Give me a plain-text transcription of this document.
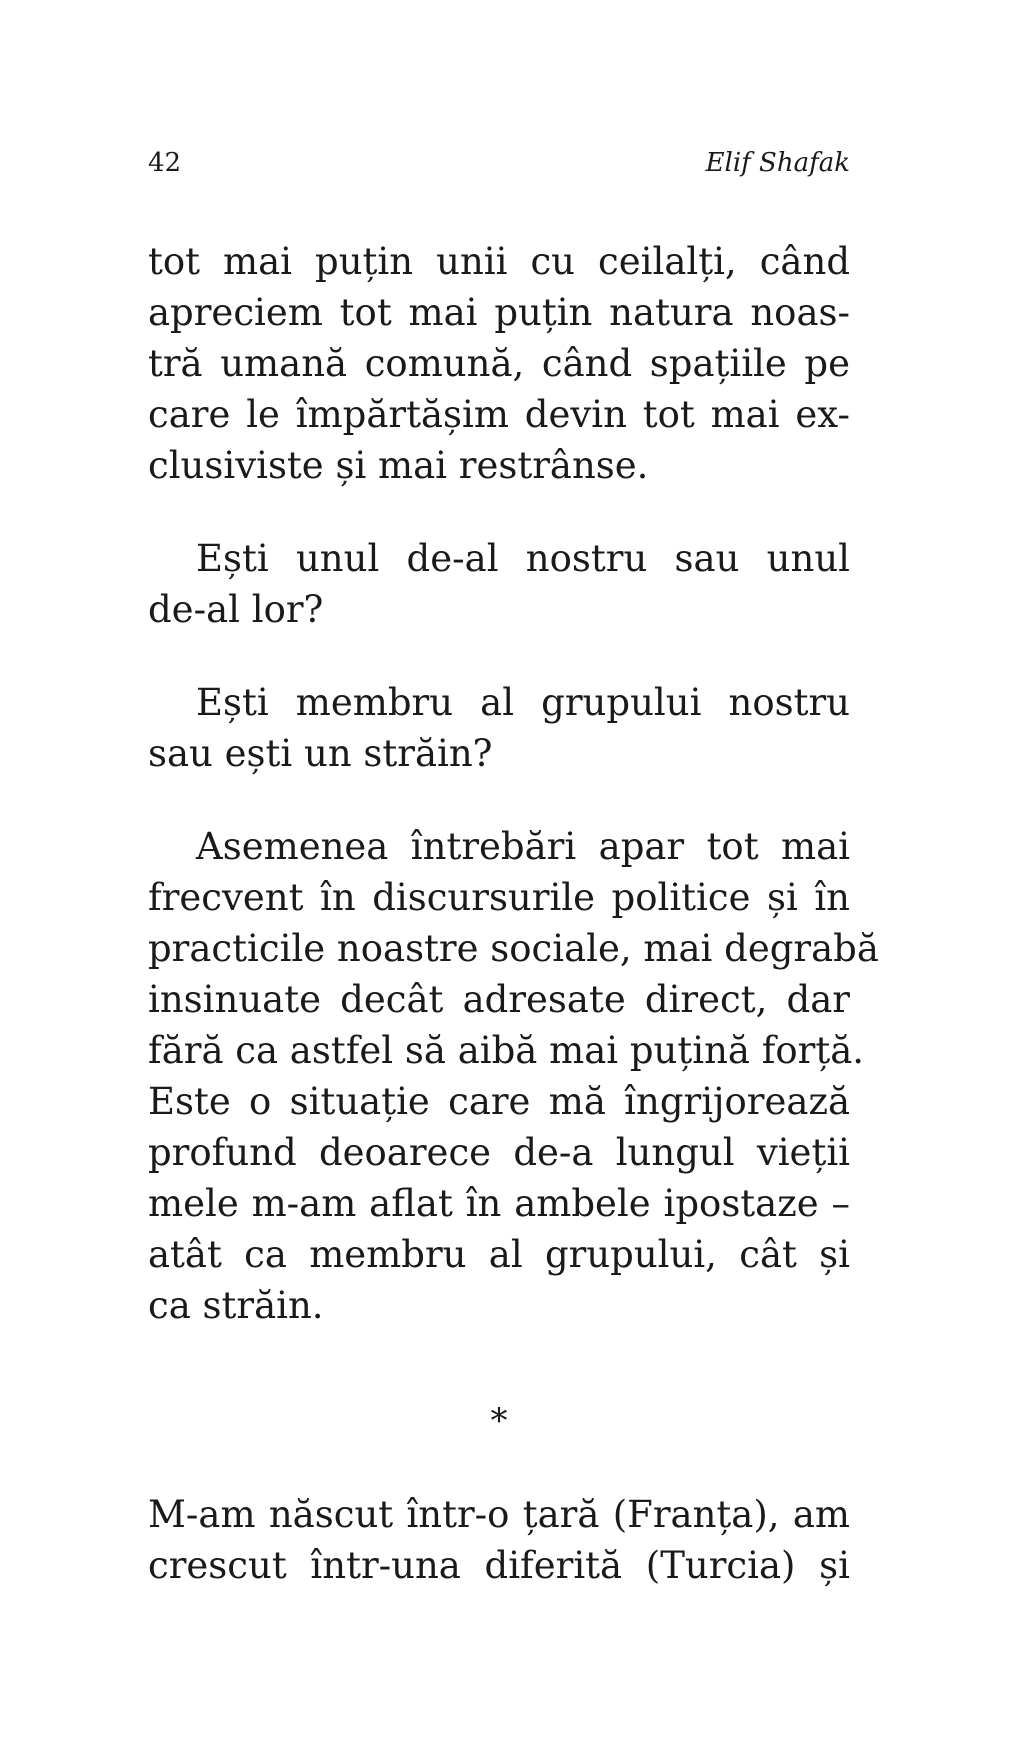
42	Elif Shafak

tot mai puțin unii cu ceilalți, când
apreciem tot mai puțin natura noas-
tră umană comună, când spațiile pe
care le împărtășim devin tot mai ex-
clusiviste și mai restrânse.

Ești unul de-al nostru sau unul
de-al lor?

Ești membru al grupului nostru
sau ești un străin?

Asemenea întrebări apar tot mai
frecvent în discursurile politice și în
practicile noastre sociale, mai degrabă
insinuate decât adresate direct, dar
fără ca astfel să aibă mai puțină forță.
Este o situație care mă îngrijorează
profund deoarece de-a lungul vieții
mele m-am aflat în ambele ipostaze –
atât ca membru al grupului, cât și
ca străin.

*

M-am născut într-o țară (Franța), am
crescut într-una diferită (Turcia) și
